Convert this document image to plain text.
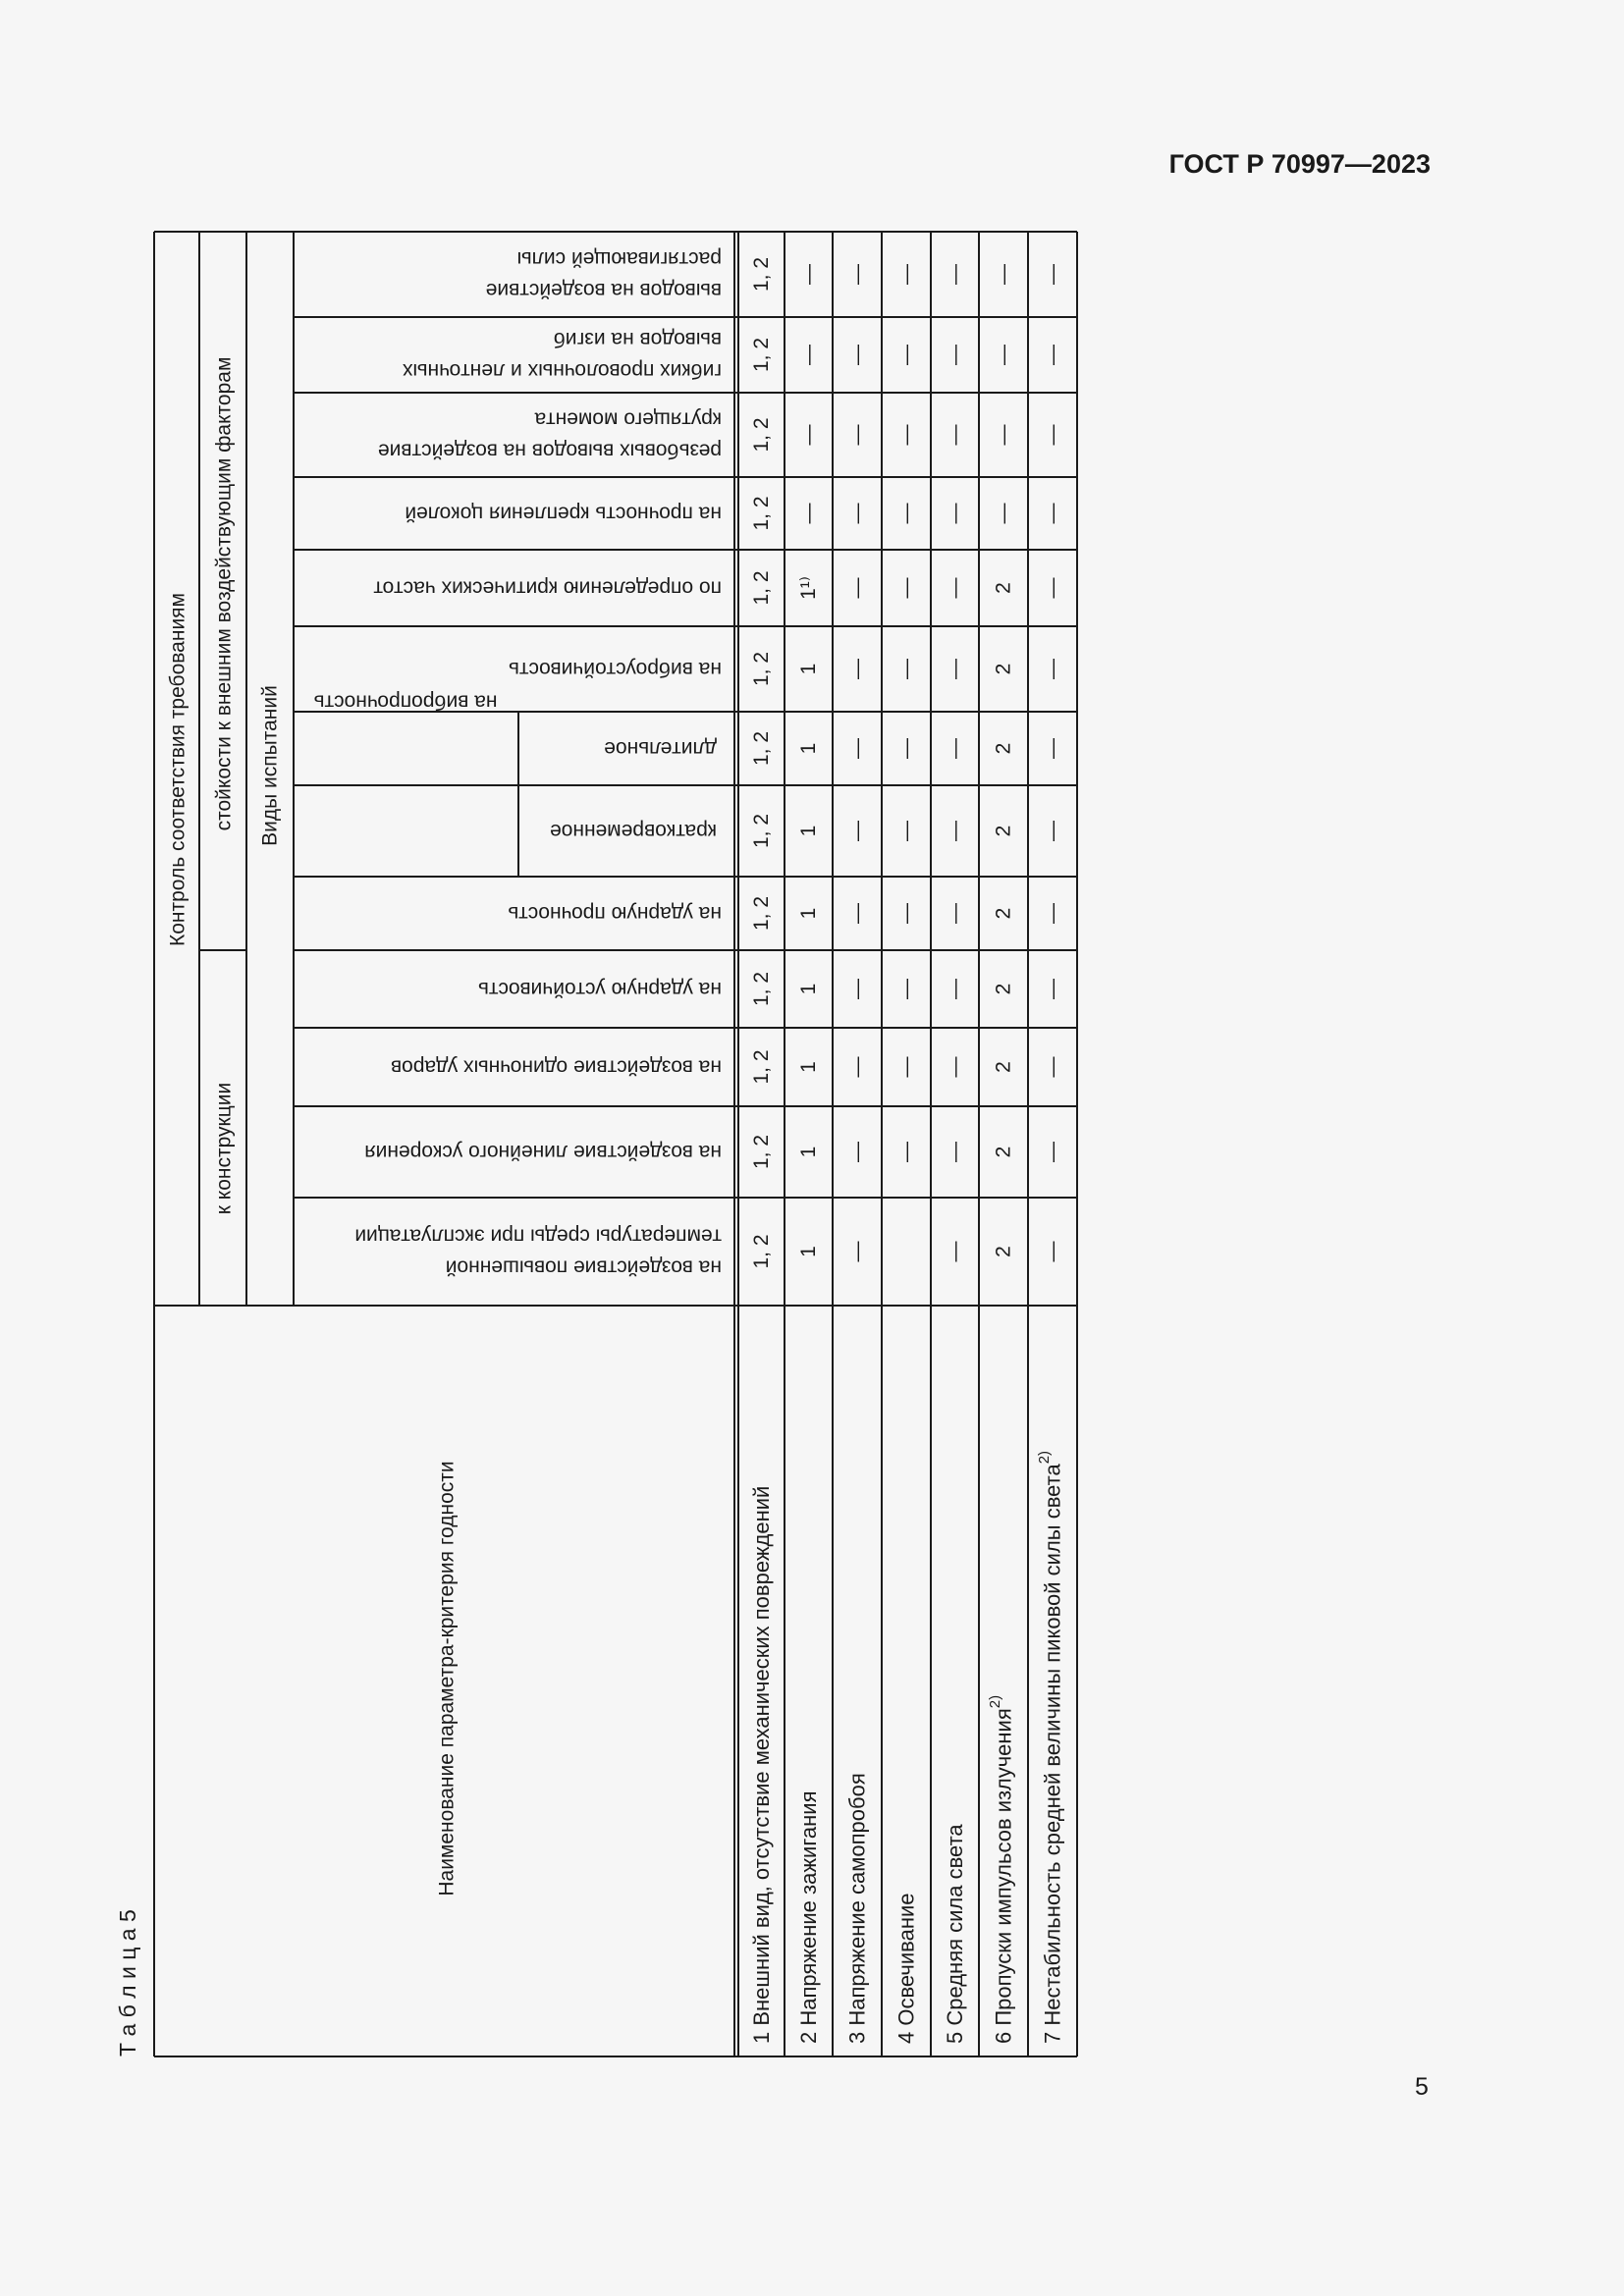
ГОСТ Р 70997—2023
5
Т а б л и ц а 5
Контроль соответствия требованиям
к конструкции
стойкости к внешним воздействующим факторам Виды испытаний
Наименование параметра-критерия годности
выводов на воздействие
растягивающей силы
гибких проволочных и ленточных
выводов на изгиб
резьбовых выводов на воздействие
крутящего момента
на прочность крепления цоколей
по определению критических частот
на виброустойчивость
длительное
кратковременное
на ударную прочность
на ударную устойчивость
на воздействие одиночных ударов
на воздействие линейного ускорения
на воздействие повышенной
температуры среды при эксплуатации
на вибропрочность
1 Внешний вид, отсутствие механических повреждений
1, 2
1, 2
1, 2
1, 2
1, 2
1, 2
1, 2
1, 2
1, 2
1, 2
1, 2
1, 2
1, 2
2 Напряжение зажигания
—
—
—
—
1¹⁾
1
1
1
1
1
1
1
1
3 Напряжение самопробоя
—
—
—
—
—
—
—
—
—
—
—
—
—
4 Освечивание
—
—
—
—
—
—
—
—
—
—
—
—
5 Средняя сила света
—
—
—
—
—
—
—
—
—
—
—
—
—
6 Пропуски импульсов излучения$^{2)}$
—
—
—
—
2
2
2
2
2
2
2
2
2
7 Нестабильность средней величины пиковой силы света$^{2)}$
—
—
—
—
—
—
—
—
—
—
—
—
—
